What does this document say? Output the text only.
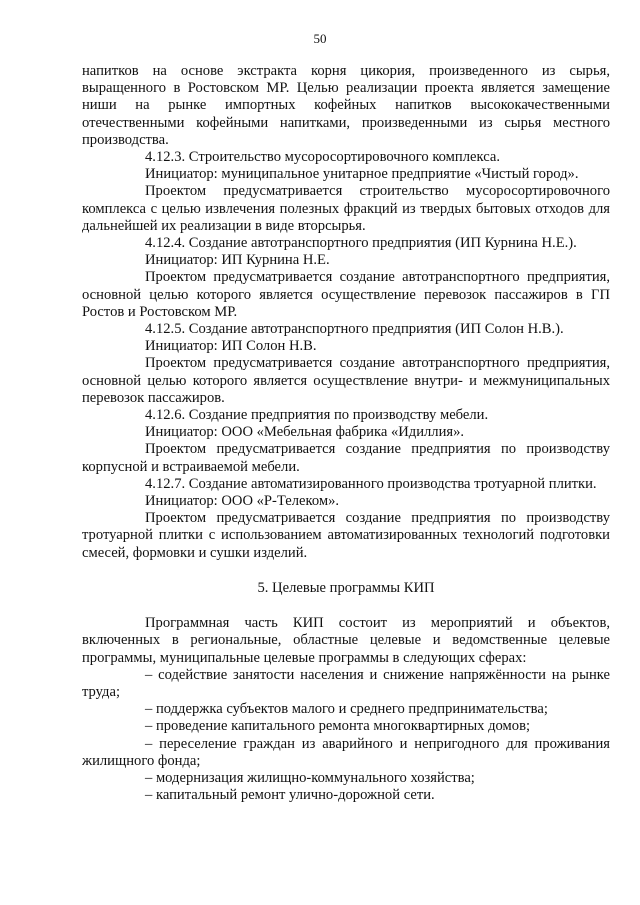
50

напитков на основе экстракта корня цикория, произведенного из сырья, выращенного в Ростовском МР. Целью реализации проекта является замещение ниши на рынке импортных кофейных напитков высококачественными отечественными кофейными напитками, произведенными из сырья местного производства.

4.12.3. Строительство мусоросортировочного комплекса.

Инициатор: муниципальное унитарное предприятие «Чистый город».

Проектом предусматривается строительство мусоросортировочного комплекса с целью извлечения полезных фракций из твердых бытовых отходов для дальнейшей их реализации в виде вторсырья.

4.12.4. Создание автотранспортного предприятия (ИП Курнина Н.Е.).

Инициатор: ИП Курнина Н.Е.

Проектом предусматривается создание автотранспортного предприятия, основной целью которого является осуществление перевозок пассажиров в ГП Ростов и Ростовском МР.

4.12.5. Создание автотранспортного предприятия (ИП Солон Н.В.).

Инициатор: ИП Солон Н.В.

Проектом предусматривается создание автотранспортного предприятия, основной целью которого является осуществление внутри- и межмуниципальных перевозок пассажиров.

4.12.6. Создание предприятия по производству мебели.

Инициатор: ООО «Мебельная фабрика «Идиллия».

Проектом предусматривается создание предприятия по производству корпусной и встраиваемой мебели.

4.12.7. Создание автоматизированного производства тротуарной плитки.

Инициатор: ООО «Р-Телеком».

Проектом предусматривается создание предприятия по производству тротуарной плитки с использованием автоматизированных технологий подготовки смесей, формовки и сушки изделий.

5. Целевые программы КИП

Программная часть КИП состоит из мероприятий и объектов, включенных в региональные, областные целевые и ведомственные целевые программы, муниципальные целевые программы в следующих сферах:

– содействие занятости населения и снижение напряжённости на рынке труда;

– поддержка субъектов малого и среднего предпринимательства;

– проведение капитального ремонта многоквартирных домов;

– переселение граждан из аварийного и непригодного для проживания жилищного фонда;

– модернизация жилищно-коммунального хозяйства;

– капитальный ремонт улично-дорожной сети.
